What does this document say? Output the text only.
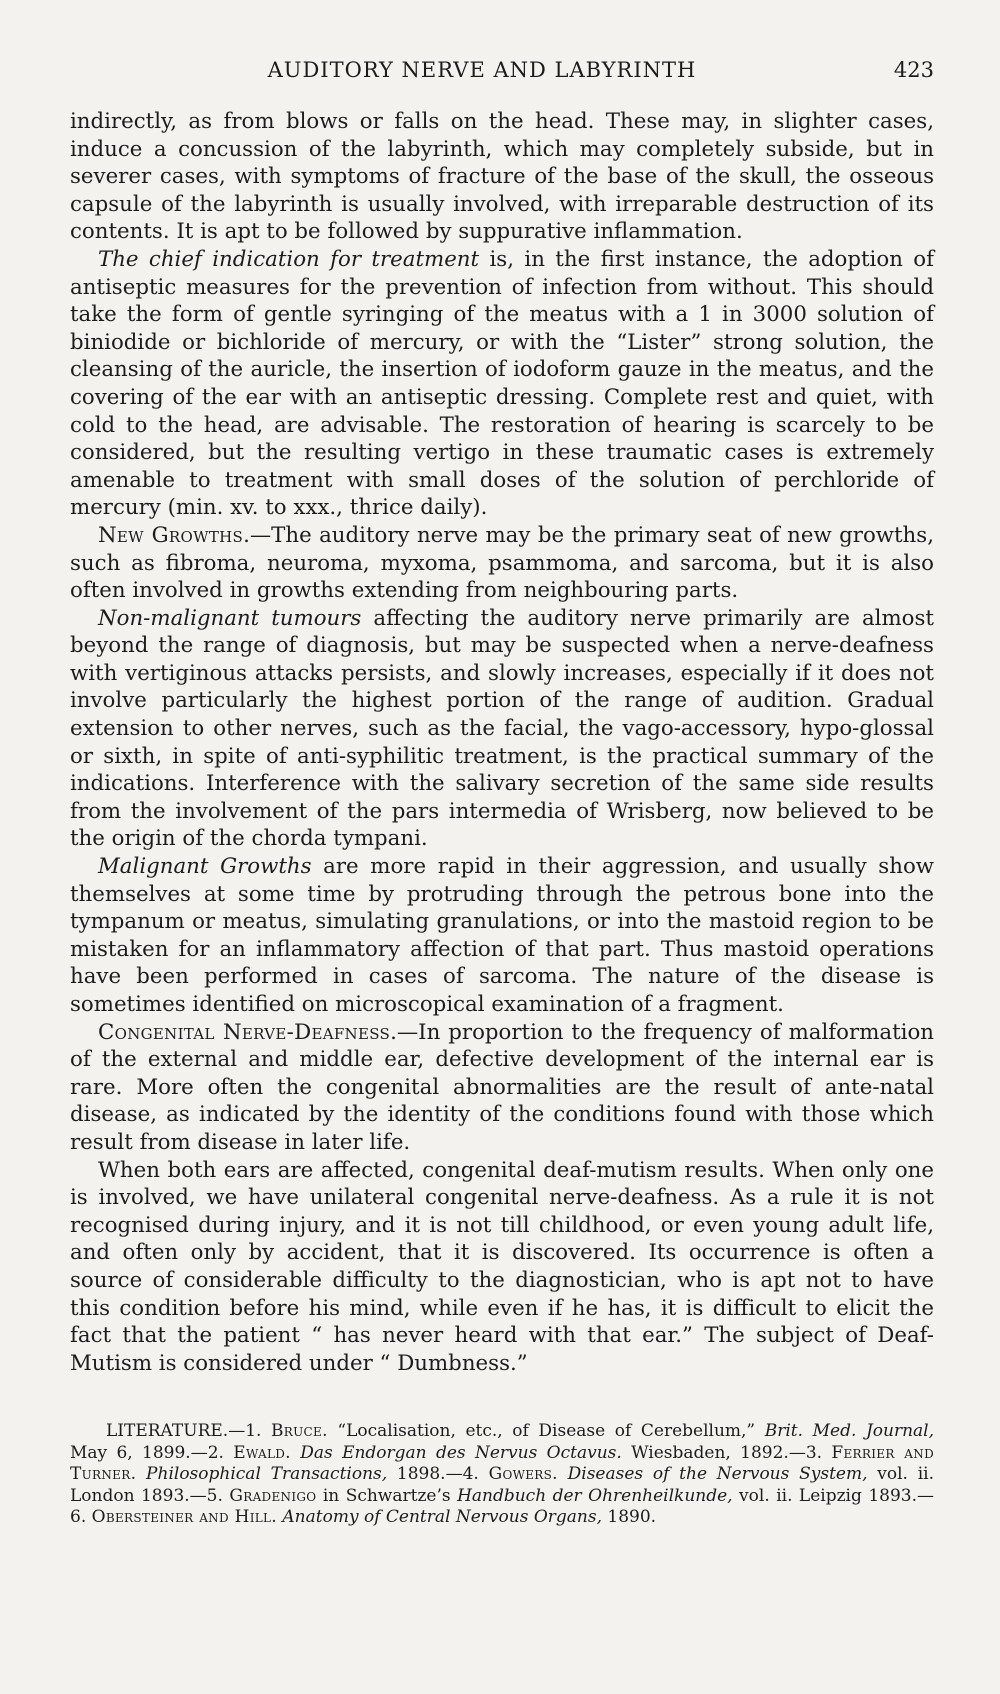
AUDITORY NERVE AND LABYRINTH	423

indirectly, as from blows or falls on the head. These may, in slighter cases, induce a concussion of the labyrinth, which may completely subside, but in severer cases, with symptoms of fracture of the base of the skull, the osseous capsule of the labyrinth is usually involved, with irreparable destruction of its contents. It is apt to be followed by suppurative inflammation.

The chief indication for treatment is, in the first instance, the adoption of antiseptic measures for the prevention of infection from without. This should take the form of gentle syringing of the meatus with a 1 in 3000 solution of biniodide or bichloride of mercury, or with the “Lister” strong solution, the cleansing of the auricle, the insertion of iodoform gauze in the meatus, and the covering of the ear with an antiseptic dressing. Complete rest and quiet, with cold to the head, are advisable. The restoration of hearing is scarcely to be considered, but the resulting vertigo in these traumatic cases is extremely amenable to treatment with small doses of the solution of perchloride of mercury (min. xv. to xxx., thrice daily).

New Growths.—The auditory nerve may be the primary seat of new growths, such as fibroma, neuroma, myxoma, psammoma, and sarcoma, but it is also often involved in growths extending from neighbouring parts.

Non-malignant tumours affecting the auditory nerve primarily are almost beyond the range of diagnosis, but may be suspected when a nerve-deafness with vertiginous attacks persists, and slowly increases, especially if it does not involve particularly the highest portion of the range of audition. Gradual extension to other nerves, such as the facial, the vago-accessory, hypo-glossal or sixth, in spite of anti-syphilitic treatment, is the practical summary of the indications. Interference with the salivary secretion of the same side results from the involvement of the pars intermedia of Wrisberg, now believed to be the origin of the chorda tympani.

Malignant Growths are more rapid in their aggression, and usually show themselves at some time by protruding through the petrous bone into the tympanum or meatus, simulating granulations, or into the mastoid region to be mistaken for an inflammatory affection of that part. Thus mastoid operations have been performed in cases of sarcoma. The nature of the disease is sometimes identified on microscopical examination of a fragment.

Congenital Nerve-Deafness.—In proportion to the frequency of malformation of the external and middle ear, defective development of the internal ear is rare. More often the congenital abnormalities are the result of ante-natal disease, as indicated by the identity of the conditions found with those which result from disease in later life.

When both ears are affected, congenital deaf-mutism results. When only one is involved, we have unilateral congenital nerve-deafness. As a rule it is not recognised during injury, and it is not till childhood, or even young adult life, and often only by accident, that it is discovered. Its occurrence is often a source of considerable difficulty to the diagnostician, who is apt not to have this condition before his mind, while even if he has, it is difficult to elicit the fact that the patient “ has never heard with that ear.” The subject of Deaf-Mutism is considered under “ Dumbness.”

LITERATURE.—1. Bruce. “Localisation, etc., of Disease of Cerebellum,” Brit. Med. Journal, May 6, 1899.—2. Ewald. Das Endorgan des Nervus Octavus. Wiesbaden, 1892.—3. Ferrier and Turner. Philosophical Transactions, 1898.—4. Gowers. Diseases of the Nervous System, vol. ii. London 1893.—5. Gradenigo in Schwartze’s Handbuch der Ohrenheilkunde, vol. ii. Leipzig 1893.—6. Obersteiner and Hill. Anatomy of Central Nervous Organs, 1890.
